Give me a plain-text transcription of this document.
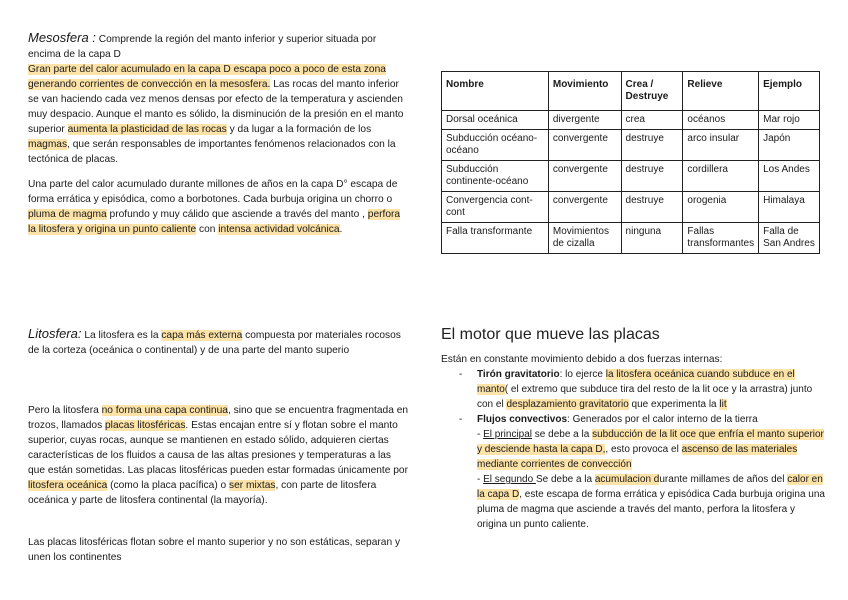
Mesosfera : Comprende la región del manto inferior y superior situada por encima de la capa D
Gran parte del calor acumulado en la capa D escapa poco a poco de esta zona generando corrientes de convección en la mesosfera. Las rocas del manto inferior se van haciendo cada vez menos densas por efecto de la temperatura y ascienden muy despacio. Aunque el manto es sólido, la disminución de la presión en el manto superior aumenta la plasticidad de las rocas y da lugar a la formación de los magmas, que serán responsables de importantes fenómenos relacionados con la tectónica de placas.
Una parte del calor acumulado durante millones de años en la capa D° escapa de forma errática y episódica, como a borbotones. Cada burbuja origina un chorro o pluma de magma profundo y muy cálido que asciende a través del manto , perfora la litosfera y origina un punto caliente con intensa actividad volcánica.
Litosfera: La litosfera es la capa más externa compuesta por materiales rocosos de la corteza (oceánica o continental) y de una parte del manto superio
Pero la litosfera no forma una capa continua, sino que se encuentra fragmentada en trozos, llamados placas litosféricas. Estas encajan entre sí y flotan sobre el manto superior, cuyas rocas, aunque se mantienen en estado sólido, adquieren ciertas características de los fluidos a causa de las altas presiones y temperaturas a las que están sometidas. Las placas litosféricas pueden estar formadas únicamente por litosfera oceánica (como la placa pacífica) o ser mixtas, con parte de litosfera oceánica y parte de litosfera continental (la mayoría).
Las placas litosféricas flotan sobre el manto superior y no son estáticas, separan y unen los continentes
Nombre	Movimiento	Crea / Destruye	Relieve	Ejemplo
Dorsal oceánica	divergente	crea	océanos	Mar rojo
Subducción océano-océano	convergente	destruye	arco insular	Japón
Subducción continente-océano	convergente	destruye	cordillera	Los Andes
Convergencia cont-cont	convergente	destruye	orogenia	Himalaya
Falla transformante	Movimientos de cizalla	ninguna	Fallas transformantes	Falla de San Andres
El motor que mueve las placas
Están en constante movimiento debido a dos fuerzas internas:
- Tirón gravitatorio: lo ejerce la litosfera oceánica cuando subduce en el manto( el extremo que subduce tira del resto de la lit oce y la arrastra) junto con el desplazamiento gravitatorio que experimenta la lit
- Flujos convectivos: Generados por el calor interno de la tierra
- El principal se debe a la subducción de la lit oce que enfría el manto superior y desciende hasta la capa D,, esto provoca el ascenso de las materiales mediante corrientes de convección
- El segundo Se debe a la acumulacion durante millames de años del calor en la capa D, este escapa de forma errática y episódica Cada burbuja origina una pluma de magma que asciende a través del manto, perfora la litosfera y origina un punto caliente.
